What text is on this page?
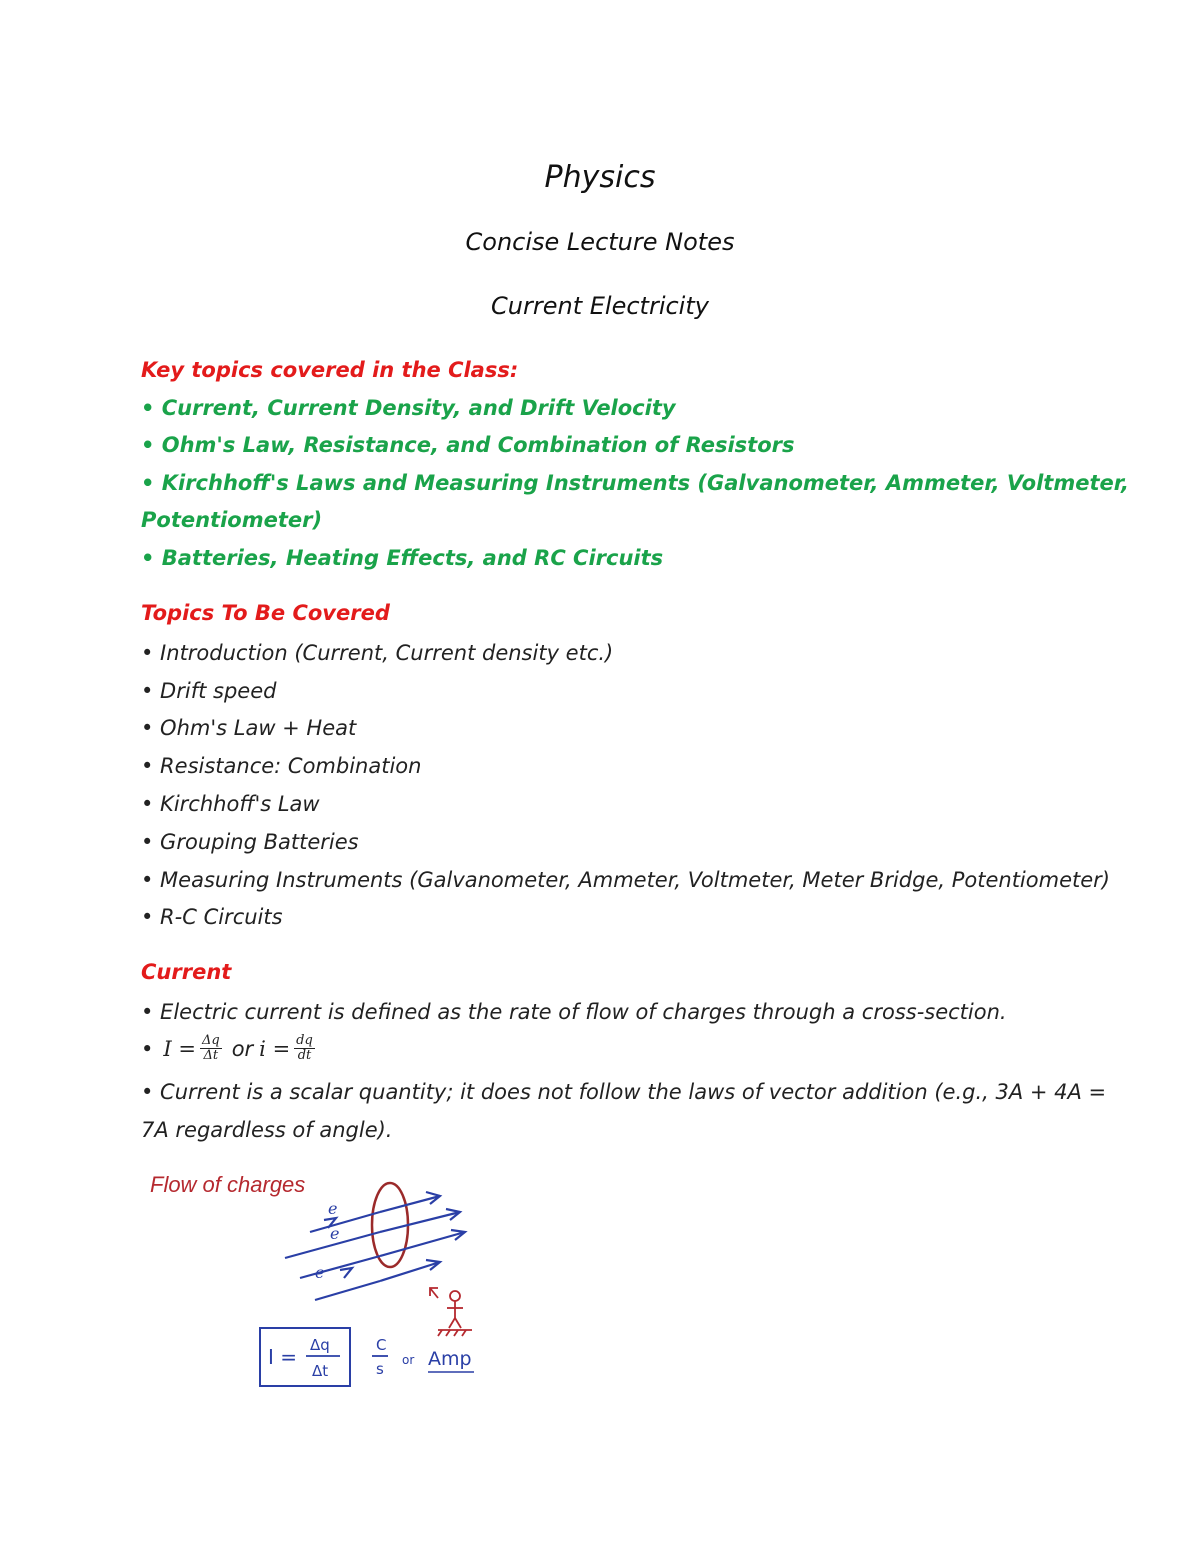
Physics
Concise Lecture Notes
Current Electricity
Key topics covered in the Class:
• Current, Current Density, and Drift Velocity
• Ohm's Law, Resistance, and Combination of Resistors
• Kirchhoff's Laws and Measuring Instruments (Galvanometer, Ammeter, Voltmeter,
Potentiometer)
• Batteries, Heating Effects, and RC Circuits
Topics To Be Covered
• Introduction (Current, Current density etc.)
• Drift speed
• Ohm's Law + Heat
• Resistance: Combination
• Kirchhoff's Law
• Grouping Batteries
• Measuring Instruments (Galvanometer, Ammeter, Voltmeter, Meter Bridge, Potentiometer)
• R-C Circuits
Current
• Electric current is defined as the rate of flow of charges through a cross-section.
• $I = \frac{\Delta q}{\Delta t}$ or $i = \frac{dq}{dt}$
• Current is a scalar quantity; it does not follow the laws of vector addition (e.g., 3A + 4A =
7A regardless of angle).
Flow of charges
e
e
e
I = Δq
Δt
C
s or Amp
